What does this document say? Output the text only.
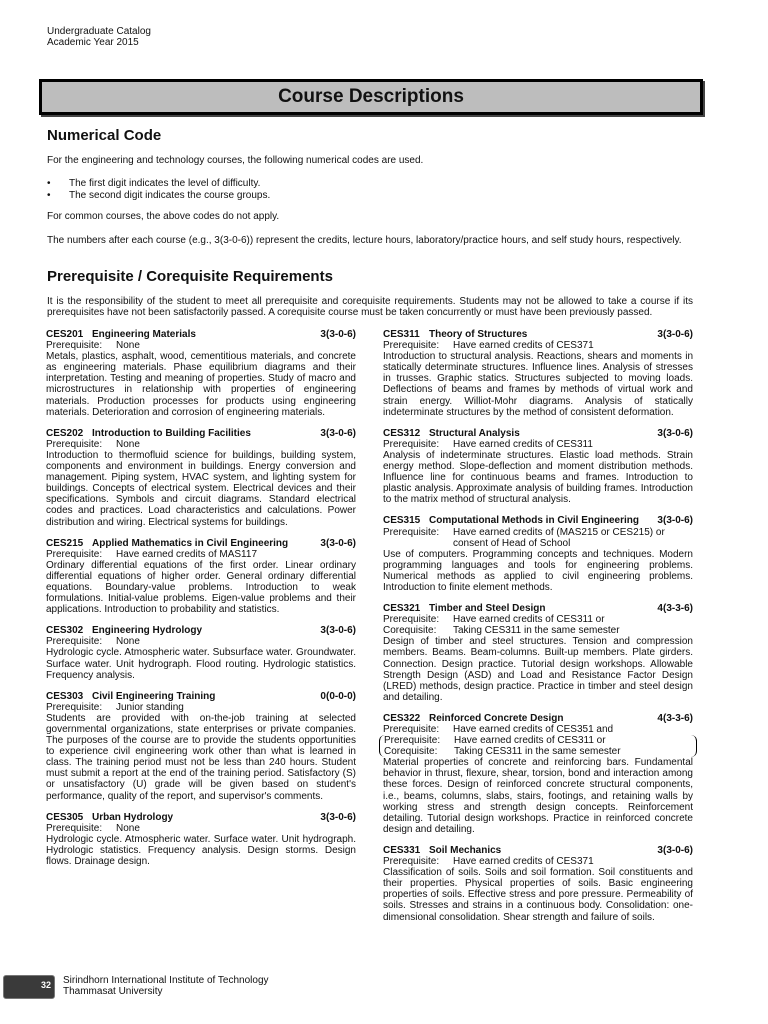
Undergraduate Catalog
Academic Year 2015
Course Descriptions
Numerical Code
For the engineering and technology courses, the following numerical codes are used.
•	The first digit indicates the level of difficulty.
•	The second digit indicates the course groups.
For common courses, the above codes do not apply.
The numbers after each course (e.g., 3(3-0-6)) represent the credits, lecture hours, laboratory/practice hours, and self study hours, respectively.
Prerequisite / Corequisite Requirements
It is the responsibility of the student to meet all prerequisite and corequisite requirements. Students may not be allowed to take a course if its prerequisites have not been satisfactorily passed. A corequisite course must be taken concurrently or must have been previously passed.
CES201 Engineering Materials	3(3-0-6)
Prerequisite:	None
Metals, plastics, asphalt, wood, cementitious materials, and concrete as engineering materials. Phase equilibrium diagrams and their interpretation. Testing and meaning of properties. Study of macro and microstructures in relationship with properties of engineering materials. Production processes for products using engineering materials. Deterioration and corrosion of engineering materials.
CES202 Introduction to Building Facilities	3(3-0-6)
Prerequisite:	None
Introduction to thermofluid science for buildings, building system, components and environment in buildings. Energy conversion and management. Piping system, HVAC system, and lighting system for buildings. Concepts of electrical system. Electrical devices and their specifications. Symbols and circuit diagrams. Standard electrical codes and practices. Load characteristics and calculations. Power distribution and wiring. Electrical systems for buildings.
CES215 Applied Mathematics in Civil Engineering	3(3-0-6)
Prerequisite:	Have earned credits of MAS117
Ordinary differential equations of the first order. Linear ordinary differential equations of higher order. General ordinary differential equations. Boundary-value problems. Introduction to weak formulations. Initial-value problems. Eigen-value problems and their applications. Introduction to probability and statistics.
CES302 Engineering Hydrology	3(3-0-6)
Prerequisite:	None
Hydrologic cycle. Atmospheric water. Subsurface water. Groundwater. Surface water. Unit hydrograph. Flood routing. Hydrologic statistics. Frequency analysis.
CES303 Civil Engineering Training	0(0-0-0)
Prerequisite:	Junior standing
Students are provided with on-the-job training at selected governmental organizations, state enterprises or private companies. The purposes of the course are to provide the students opportunities to experience civil engineering work other than what is learned in class. The training period must not be less than 240 hours. Student must submit a report at the end of the training period. Satisfactory (S) or unsatisfactory (U) grade will be given based on student's performance, quality of the report, and supervisor's comments.
CES305 Urban Hydrology	3(3-0-6)
Prerequisite:	None
Hydrologic cycle. Atmospheric water. Surface water. Unit hydrograph. Hydrologic statistics. Frequency analysis. Design storms. Design flows. Drainage design.
CES311 Theory of Structures	3(3-0-6)
Prerequisite:	Have earned credits of CES371
Introduction to structural analysis. Reactions, shears and moments in statically determinate structures. Influence lines. Analysis of stresses in trusses. Graphic statics. Structures subjected to moving loads. Deflections of beams and frames by methods of virtual work and strain energy. Williot-Mohr diagrams. Analysis of statically indeterminate structures by the method of consistent deformation.
CES312 Structural Analysis	3(3-0-6)
Prerequisite:	Have earned credits of CES311
Analysis of indeterminate structures. Elastic load methods. Strain energy method. Slope-deflection and moment distribution methods. Influence line for continuous beams and frames. Introduction to plastic analysis. Approximate analysis of building frames. Introduction to the matrix method of structural analysis.
CES315 Computational Methods in Civil Engineering 3(3-0-6)
Prerequisite:	Have earned credits of (MAS215 or CES215) or consent of Head of School
Use of computers. Programming concepts and techniques. Modern programming languages and tools for engineering problems. Numerical methods as applied to civil engineering problems. Introduction to finite element methods.
CES321 Timber and Steel Design	4(3-3-6)
Prerequisite:	Have earned credits of CES311 or
Corequisite:	Taking CES311 in the same semester
Design of timber and steel structures. Tension and compression members. Beams. Beam-columns. Built-up members. Plate girders. Connection. Design practice. Tutorial design workshops. Allowable Strength Design (ASD) and Load and Resistance Factor Design (LRED) methods, design practice. Practice in timber and steel design and detailing.
CES322 Reinforced Concrete Design	4(3-3-6)
Prerequisite:	Have earned credits of CES351 and
Prerequisite:	Have earned credits of CES311 or
Corequisite:	Taking CES311 in the same semester
Material properties of concrete and reinforcing bars. Fundamental behavior in thrust, flexure, shear, torsion, bond and interaction among these forces. Design of reinforced concrete structural components, i.e., beams, columns, slabs, stairs, footings, and retaining walls by working stress and strength design concepts. Reinforcement detailing. Tutorial design workshops. Practice in reinforced concrete design and detailing.
CES331 Soil Mechanics	3(3-0-6)
Prerequisite:	Have earned credits of CES371
Classification of soils. Soils and soil formation. Soil constituents and their properties. Physical properties of soils. Basic engineering properties of soils. Effective stress and pore pressure. Permeability of soils. Stresses and strains in a continuous body. Consolidation: one-dimensional consolidation. Shear strength and failure of soils.
32 Sirindhorn International Institute of Technology
Thammasat University
